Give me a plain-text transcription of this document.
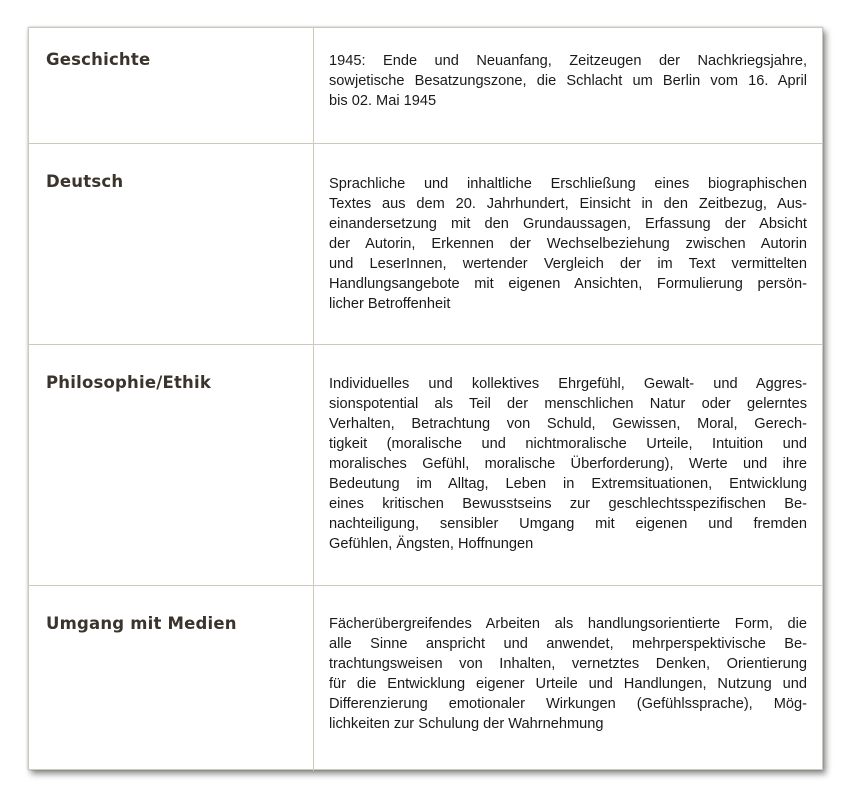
Geschichte	1945: Ende und Neuanfang, Zeitzeugen der Nachkriegsjahre,
sowjetische Besatzungszone, die Schlacht um Berlin vom 16. April
bis 02. Mai 1945
Deutsch	Sprachliche und inhaltliche Erschließung eines biographischen
Textes aus dem 20. Jahrhundert, Einsicht in den Zeitbezug, Aus-
einandersetzung mit den Grundaussagen, Erfassung der Absicht
der Autorin, Erkennen der Wechselbeziehung zwischen Autorin
und LeserInnen, wertender Vergleich der im Text vermittelten
Handlungsangebote mit eigenen Ansichten, Formulierung persön-
licher Betroffenheit
Philosophie/Ethik	Individuelles und kollektives Ehrgefühl, Gewalt- und Aggres-
sionspotential als Teil der menschlichen Natur oder gelerntes
Verhalten, Betrachtung von Schuld, Gewissen, Moral, Gerech-
tigkeit (moralische und nichtmoralische Urteile, Intuition und
moralisches Gefühl, moralische Überforderung), Werte und ihre
Bedeutung im Alltag, Leben in Extremsituationen, Entwicklung
eines kritischen Bewusstseins zur geschlechtsspezifischen Be-
nachteiligung, sensibler Umgang mit eigenen und fremden
Gefühlen, Ängsten, Hoffnungen
Umgang mit Medien	Fächerübergreifendes Arbeiten als handlungsorientierte Form, die
alle Sinne anspricht und anwendet, mehrperspektivische Be-
trachtungsweisen von Inhalten, vernetztes Denken, Orientierung
für die Entwicklung eigener Urteile und Handlungen, Nutzung und
Differenzierung emotionaler Wirkungen (Gefühlssprache), Mög-
lichkeiten zur Schulung der Wahrnehmung
